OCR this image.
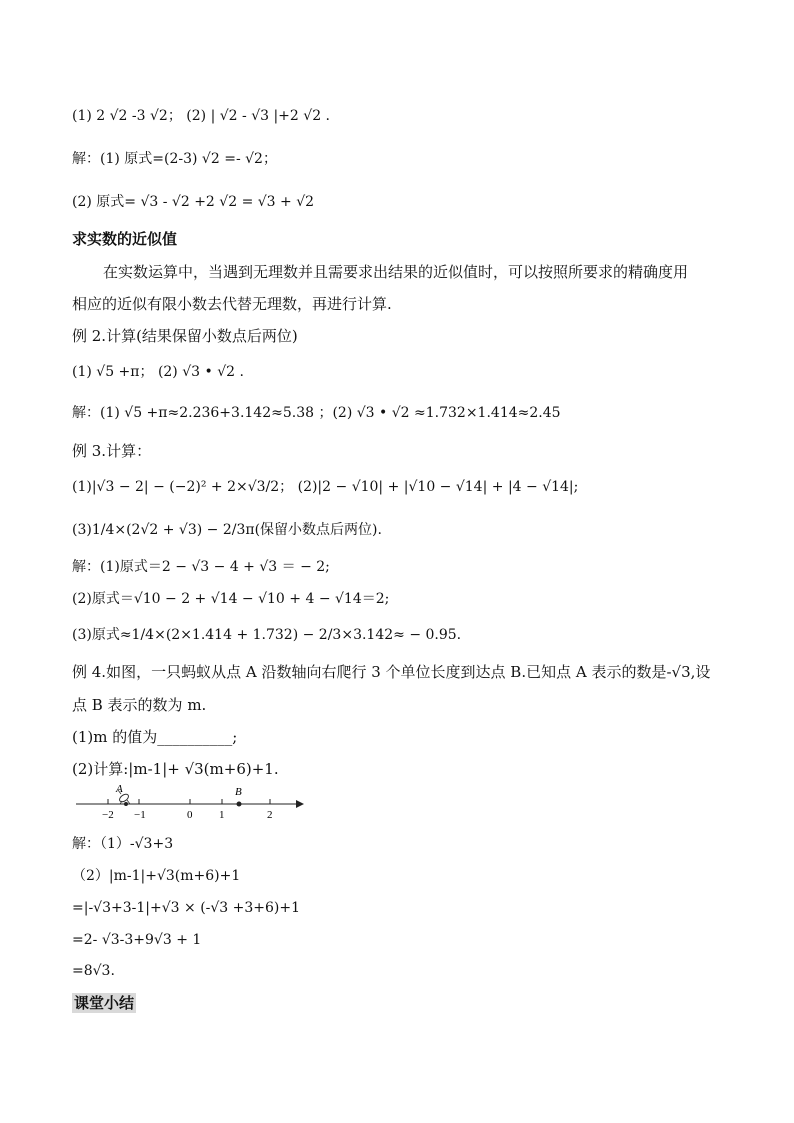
(1) 2 √2 -3 √2； (2) | √2 - √3 |+2 √2 .
解：(1) 原式=(2-3) √2 =- √2；
(2) 原式= √3 - √2 +2 √2 = √3 + √2
求实数的近似值
在实数运算中，当遇到无理数并且需要求出结果的近似值时，可以按照所要求的精确度用
相应的近似有限小数去代替无理数，再进行计算.
例 2.计算(结果保留小数点后两位)
(1) √5 +π； (2) √3 • √2 .
解：(1) √5 +π≈2.236+3.142≈5.38 ；(2) √3 • √2 ≈1.732×1.414≈2.45
例 3.计算：
(1)|√3 − 2| − (−2)² + 2×√3/2； (2)|2 − √10| + |√10 − √14| + |4 − √14|;
(3)1/4×(2√2 + √3) − 2/3π(保留小数点后两位).
解：(1)原式＝2 − √3 − 4 + √3 ＝ − 2;
(2)原式＝√10 − 2 + √14 − √10 + 4 − √14＝2;
(3)原式≈1/4×(2×1.414 + 1.732) − 2/3×3.142≈ − 0.95.
例 4.如图，一只蚂蚁从点 A 沿数轴向右爬行 3 个单位长度到达点 B.已知点 A 表示的数是-√3,设
点 B 表示的数为 m.
(1)m 的值为__________;
(2)计算:|m-1|+ √3(m+6)+1.
−2 −1	0 1	2
A	B
解：（1）-√3+3
（2）|m-1|+√3(m+6)+1
=|-√3+3-1|+√3 × (-√3 +3+6)+1
=2- √3-3+9√3 + 1
=8√3.
课堂小结
